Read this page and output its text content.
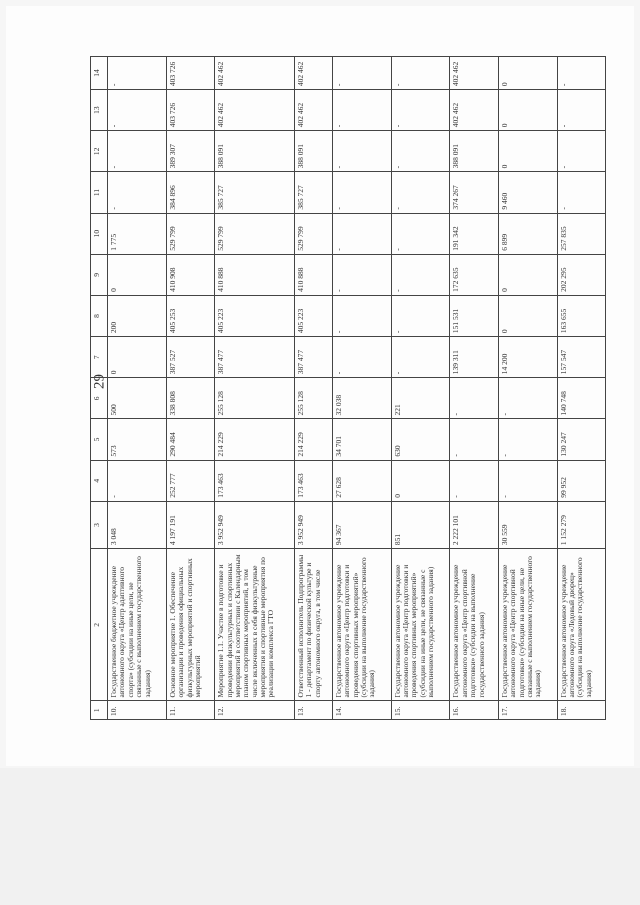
29
1	2	3	4	5	6	7	8	9	10	11	12	13	14
10.	Государственное бюджетное учреждение автономного округа «Центр адаптивного спорта» (субсидии на иные цели, не связанные с выполнением государственного задания)	3 048	-	573	500	0	200	0	1 775	-	-	-	-
11.	Основное мероприятие 1. Обеспечение организации и проведения официальных физкультурных мероприятий и спортивных мероприятий	4 197 191	252 777	290 484	338 808	387 527	405 253	410 908	529 799	384 896	389 307	403 726	403 726
12.	Мероприятие 1.1. Участие в подготовке и проведении физкультурных и спортивных мероприятий в соответствии с Календарным планом спортивных мероприятий, в том числе включенных в себя физкультурные мероприятия и спортивные мероприятия по реализации комплекса ГТО	3 952 949	173 463	214 229	255 128	387 477	405 223	410 888	529 799	385 727	388 091	402 462	402 462
13.	Ответственный исполнитель Подпрограммы 1 - департамент по физической культуре и спорту автономного округа, в том числе	3 952 949	173 463	214 229	255 128	387 477	405 223	410 888	529 799	385 727	388 091	402 462	402 462
14.	Государственное автономное учреждение автономного округа «Центр подготовки и проведения спортивных мероприятий» (субсидии на выполнение государственного задания)	94 367	27 628	34 701	32 038	-	-	-	-	-	-	-	-
15.	Государственное автономное учреждение автономного округа «Центр подготовки и проведения спортивных мероприятий» (субсидии на иные цели, не связанные с выполнением государственного задания)	851	0	630	221	-	-	-	-	-	-	-	-
16.	Государственное автономное учреждение автономного округа «Центр спортивной подготовки» (субсидии на выполнение государственного задания)	2 222 101	-	-	-	139 311	151 531	172 635	191 342	374 267	388 091	402 462	402 462
17.	Государственное автономное учреждение автономного округа «Центр спортивной подготовки» (субсидии на иные цели, не связанные с выполнением государственного задания)	30 559	-	-	-	14 200	0	0	6 899	9 460	0	0	0
18.	Государственное автономное учреждение автономного округа «Ледовый дворец» (субсидии на выполнение государственного задания)	1 152 279	99 952	130 247	140 748	157 547	163 655	202 295	257 835	-	-	-	-
